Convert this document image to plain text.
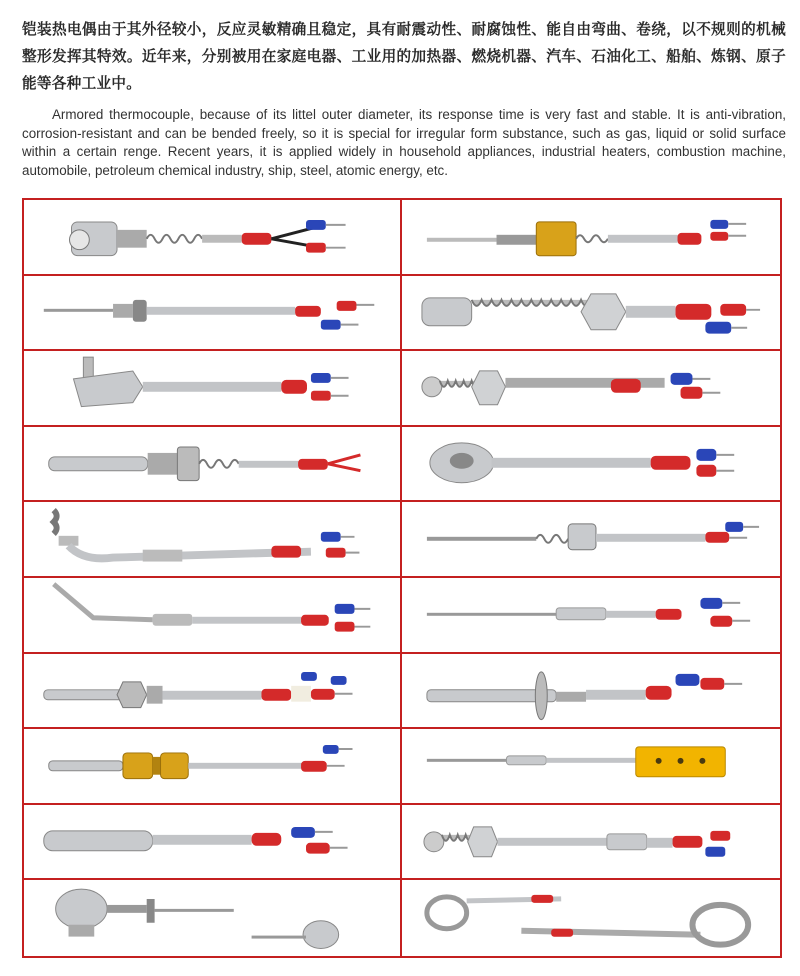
铠装热电偶由于其外径较小，反应灵敏精确且稳定，具有耐震动性、耐腐蚀性、能自由弯曲、卷绕，以不规则的机械整形发挥其特效。近年来，分别被用在家庭电器、工业用的加热器、燃烧机器、汽车、石油化工、船舶、炼钢、原子能等各种工业中。
Armored thermocouple, because of its littel outer diameter, its response time is very fast and stable. It is anti-vibration, corrosion-resistant and can be bended freely, so it is special for irregular form substance, such as gas, liquid or solid surface within a certain renge. Recent years, it is applied widely in household appliances, industrial heaters, combustion machine, automobile, petroleum chemical industry, ship, steel, atomic energy, etc.
